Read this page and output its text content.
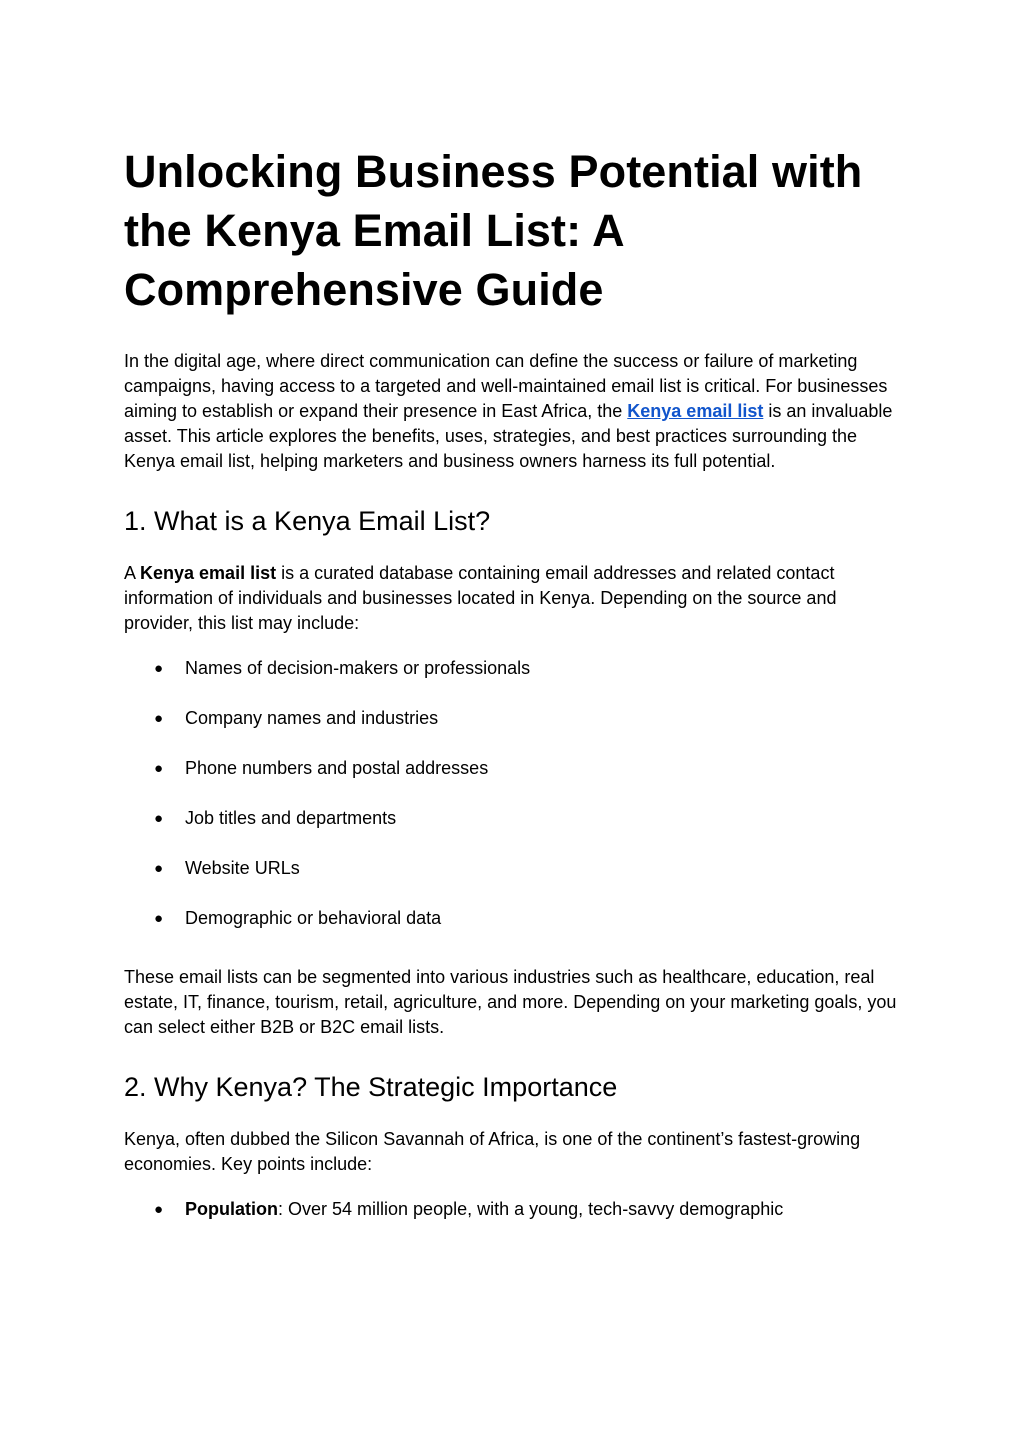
Unlocking Business Potential with the Kenya Email List: A Comprehensive Guide

In the digital age, where direct communication can define the success or failure of marketing campaigns, having access to a targeted and well-maintained email list is critical. For businesses aiming to establish or expand their presence in East Africa, the Kenya email list is an invaluable asset. This article explores the benefits, uses, strategies, and best practices surrounding the Kenya email list, helping marketers and business owners harness its full potential.

1. What is a Kenya Email List?

A Kenya email list is a curated database containing email addresses and related contact information of individuals and businesses located in Kenya. Depending on the source and provider, this list may include:

● Names of decision-makers or professionals
● Company names and industries
● Phone numbers and postal addresses
● Job titles and departments
● Website URLs
● Demographic or behavioral data

These email lists can be segmented into various industries such as healthcare, education, real estate, IT, finance, tourism, retail, agriculture, and more. Depending on your marketing goals, you can select either B2B or B2C email lists.

2. Why Kenya? The Strategic Importance

Kenya, often dubbed the Silicon Savannah of Africa, is one of the continent’s fastest-growing economies. Key points include:

● Population: Over 54 million people, with a young, tech-savvy demographic
